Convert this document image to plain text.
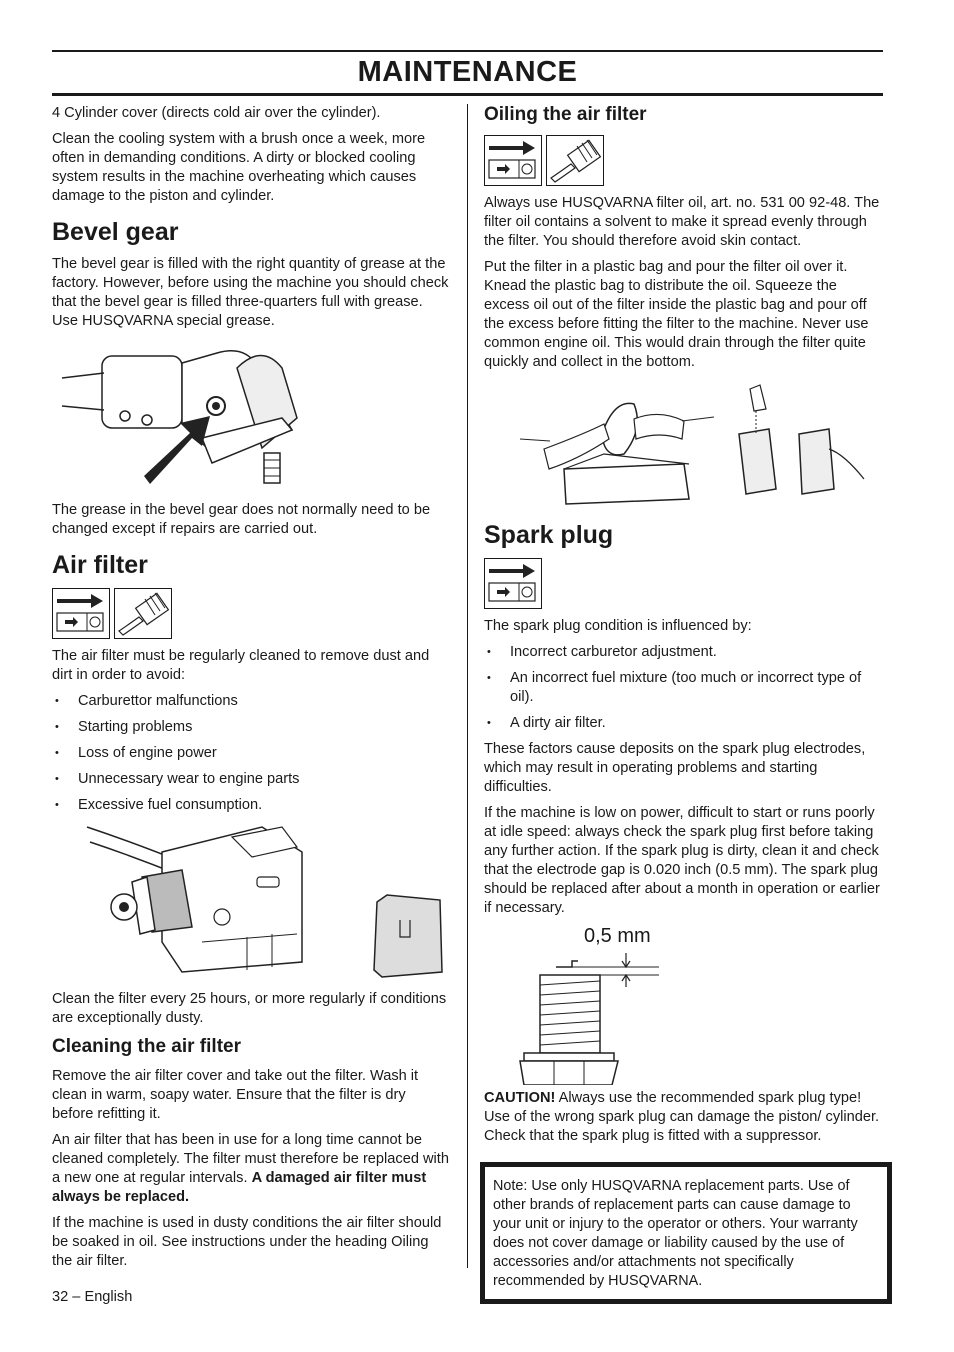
MAINTENANCE

4 Cylinder cover (directs cold air over the cylinder).

Clean the cooling system with a brush once a week, more often in demanding conditions. A dirty or blocked cooling system results in the machine overheating which causes damage to the piston and cylinder.

Bevel gear

The bevel gear is filled with the right quantity of grease at the factory. However, before using the machine you should check that the bevel gear is filled three-quarters full with grease. Use HUSQVARNA special grease.

The grease in the bevel gear does not normally need to be changed except if repairs are carried out.

Air filter

The air filter must be regularly cleaned to remove dust and dirt in order to avoid:

• Carburettor malfunctions
• Starting problems
• Loss of engine power
• Unnecessary wear to engine parts
• Excessive fuel consumption.

Clean the filter every 25 hours, or more regularly if conditions are exceptionally dusty.

Cleaning the air filter

Remove the air filter cover and take out the filter. Wash it clean in warm, soapy water. Ensure that the filter is dry before refitting it.

An air filter that has been in use for a long time cannot be cleaned completely. The filter must therefore be replaced with a new one at regular intervals. A damaged air filter must always be replaced.

If the machine is used in dusty conditions the air filter should be soaked in oil. See instructions under the heading Oiling the air filter.

Oiling the air filter

Always use HUSQVARNA filter oil, art. no. 531 00 92-48. The filter oil contains a solvent to make it spread evenly through the filter. You should therefore avoid skin contact.

Put the filter in a plastic bag and pour the filter oil over it. Knead the plastic bag to distribute the oil. Squeeze the excess oil out of the filter inside the plastic bag and pour off the excess before fitting the filter to the machine. Never use common engine oil. This would drain through the filter quite quickly and collect in the bottom.

Spark plug

The spark plug condition is influenced by:

• Incorrect carburetor adjustment.
• An incorrect fuel mixture (too much or incorrect type of oil).
• A dirty air filter.

These factors cause deposits on the spark plug electrodes, which may result in operating problems and starting difficulties.

If the machine is low on power, difficult to start or runs poorly at idle speed: always check the spark plug first before taking any further action. If the spark plug is dirty, clean it and check that the electrode gap is 0.020 inch (0.5 mm). The spark plug should be replaced after about a month in operation or earlier if necessary.

0,5 mm

CAUTION! Always use the recommended spark plug type! Use of the wrong spark plug can damage the piston/ cylinder. Check that the spark plug is fitted with a suppressor.

Note: Use only HUSQVARNA replacement parts. Use of other brands of replacement parts can cause damage to your unit or injury to the operator or others. Your warranty does not cover damage or liability caused by the use of accessories and/or attachments not specifically recommended by HUSQVARNA.

32 – English
